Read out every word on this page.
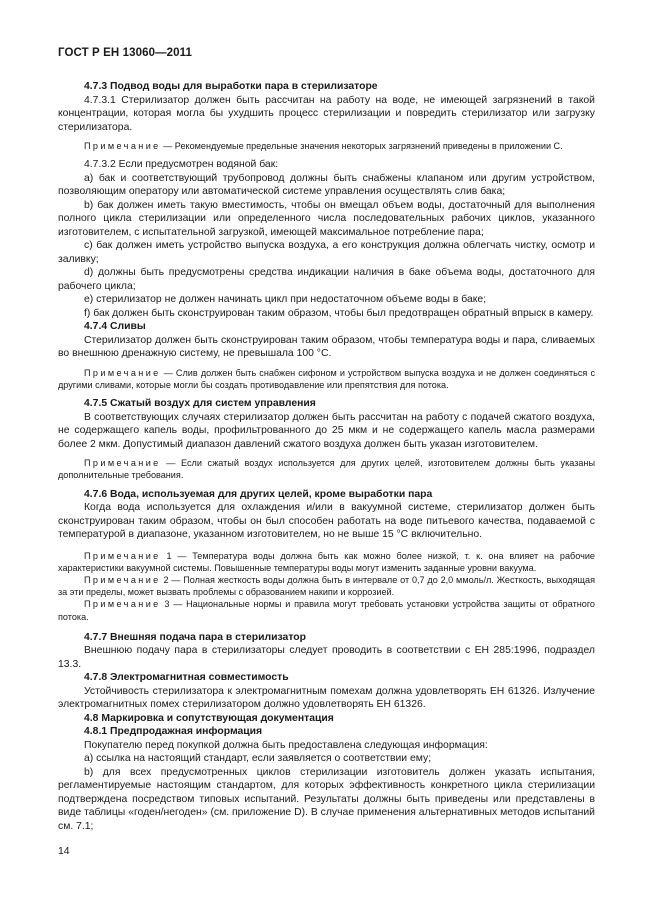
ГОСТ Р ЕН 13060—2011

4.7.3 Подвод воды для выработки пара в стерилизаторе

4.7.3.1 Стерилизатор должен быть рассчитан на работу на воде, не имеющей загрязнений в такой концентрации, которая могла бы ухудшить процесс стерилизации и повредить стерилизатор или загрузку стерилизатора.

Примечание — Рекомендуемые предельные значения некоторых загрязнений приведены в приложении С.

4.7.3.2 Если предусмотрен водяной бак:

а) бак и соответствующий трубопровод должны быть снабжены клапаном или другим устройством, позволяющим оператору или автоматической системе управления осуществлять слив бака;

b) бак должен иметь такую вместимость, чтобы он вмещал объем воды, достаточный для выполнения полного цикла стерилизации или определенного числа последовательных рабочих циклов, указанного изготовителем, с испытательной загрузкой, имеющей максимальное потребление пара;

с) бак должен иметь устройство выпуска воздуха, а его конструкция должна облегчать чистку, осмотр и заливку;

d) должны быть предусмотрены средства индикации наличия в баке объема воды, достаточного для рабочего цикла;

е) стерилизатор не должен начинать цикл при недостаточном объеме воды в баке;

f) бак должен быть сконструирован таким образом, чтобы был предотвращен обратный впрыск в камеру.

4.7.4 Сливы

Стерилизатор должен быть сконструирован таким образом, чтобы температура воды и пара, сливаемых во внешнюю дренажную систему, не превышала 100 °С.

Примечание — Слив должен быть снабжен сифоном и устройством выпуска воздуха и не должен соединяться с другими сливами, которые могли бы создать противодавление или препятствия для потока.

4.7.5 Сжатый воздух для систем управления

В соответствующих случаях стерилизатор должен быть рассчитан на работу с подачей сжатого воздуха, не содержащего капель воды, профильтрованного до 25 мкм и не содержащего капель масла размерами более 2 мкм. Допустимый диапазон давлений сжатого воздуха должен быть указан изготовителем.

Примечание — Если сжатый воздух используется для других целей, изготовителем должны быть указаны дополнительные требования.

4.7.6 Вода, используемая для других целей, кроме выработки пара

Когда вода используется для охлаждения и/или в вакуумной системе, стерилизатор должен быть сконструирован таким образом, чтобы он был способен работать на воде питьевого качества, подаваемой с температурой в диапазоне, указанном изготовителем, но не выше 15 °С включительно.

Примечание 1 — Температура воды должна быть как можно более низкой, т. к. она влияет на рабочие характеристики вакуумной системы. Повышенные температуры воды могут изменить заданные уровни вакуума.

Примечание 2 — Полная жесткость воды должна быть в интервале от 0,7 до 2,0 ммоль/л. Жесткость, выходящая за эти пределы, может вызвать проблемы с образованием накипи и коррозией.

Примечание 3 — Национальные нормы и правила могут требовать установки устройства защиты от обратного потока.

4.7.7 Внешняя подача пара в стерилизатор

Внешнюю подачу пара в стерилизаторы следует проводить в соответствии с ЕН 285:1996, подраздел 13.3.

4.7.8 Электромагнитная совместимость

Устойчивость стерилизатора к электромагнитным помехам должна удовлетворять ЕН 61326. Излучение электромагнитных помех стерилизатором должно удовлетворять ЕН 61326.

4.8 Маркировка и сопутствующая документация

4.8.1 Предпродажная информация

Покупателю перед покупкой должна быть предоставлена следующая информация:

а) ссылка на настоящий стандарт, если заявляется о соответствии ему;

b) для всех предусмотренных циклов стерилизации изготовитель должен указать испытания, регламентируемые настоящим стандартом, для которых эффективность конкретного цикла стерилизации подтверждена посредством типовых испытаний. Результаты должны быть приведены или представлены в виде таблицы «годен/негоден» (см. приложение D). В случае применения альтернативных методов испытаний см. 7.1;

14
